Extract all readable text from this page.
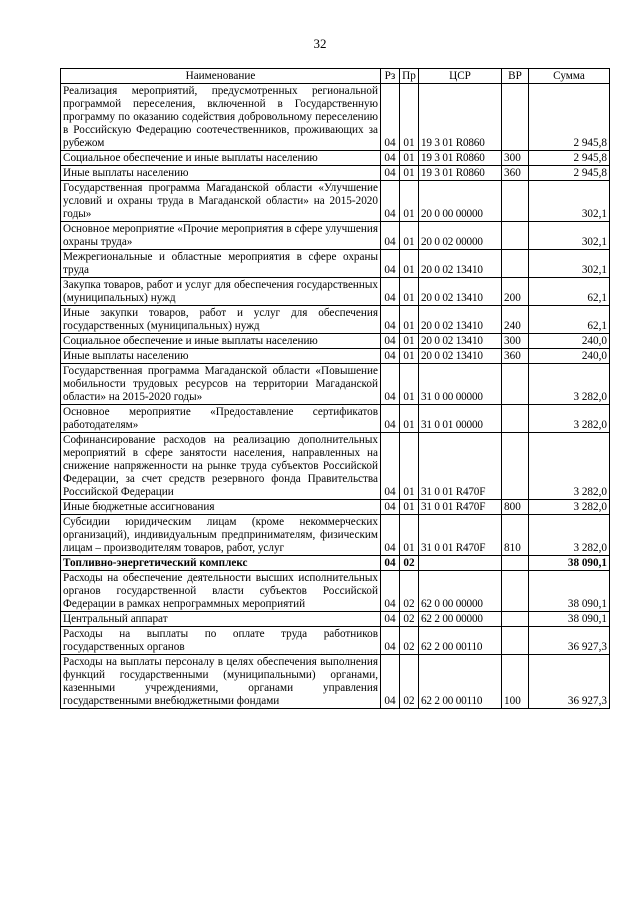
32
Наименование	Рз	Пр	ЦСР	ВР	Сумма
Реализация мероприятий, предусмотренных региональной программой переселения, включенной в Государственную программу по оказанию содействия добровольному переселению в Российскую Федерацию соотечественников, проживающих за рубежом	04	01	19 3 01 R0860		2 945,8
Социальное обеспечение и иные выплаты населению	04	01	19 3 01 R0860	300	2 945,8
Иные выплаты населению	04	01	19 3 01 R0860	360	2 945,8
Государственная программа Магаданской области «Улучшение условий и охраны труда в Магаданской области» на 2015-2020 годы»	04	01	20 0 00 00000		302,1
Основное мероприятие «Прочие мероприятия в сфере улучшения охраны труда»	04	01	20 0 02 00000		302,1
Межрегиональные и областные мероприятия в сфере охраны труда	04	01	20 0 02 13410		302,1
Закупка товаров, работ и услуг для обеспечения государственных (муниципальных) нужд	04	01	20 0 02 13410	200	62,1
Иные закупки товаров, работ и услуг для обеспечения государственных (муниципальных) нужд	04	01	20 0 02 13410	240	62,1
Социальное обеспечение и иные выплаты населению	04	01	20 0 02 13410	300	240,0
Иные выплаты населению	04	01	20 0 02 13410	360	240,0
Государственная программа Магаданской области «Повышение мобильности трудовых ресурсов на территории Магаданской области» на 2015-2020 годы»	04	01	31 0 00 00000		3 282,0
Основное мероприятие «Предоставление сертификатов работодателям»	04	01	31 0 01 00000		3 282,0
Софинансирование расходов на реализацию дополнительных мероприятий в сфере занятости населения, направленных на снижение напряженности на рынке труда субъектов Российской Федерации, за счет средств резервного фонда Правительства Российской Федерации	04	01	31 0 01 R470F		3 282,0
Иные бюджетные ассигнования	04	01	31 0 01 R470F	800	3 282,0
Субсидии юридическим лицам (кроме некоммерческих организаций), индивидуальным предпринимателям, физическим лицам – производителям товаров, работ, услуг	04	01	31 0 01 R470F	810	3 282,0
Топливно-энергетический комплекс	04	02			38 090,1
Расходы на обеспечение деятельности высших исполнительных органов государственной власти субъектов Российской Федерации в рамках непрограммных мероприятий	04	02	62 0 00 00000		38 090,1
Центральный аппарат	04	02	62 2 00 00000		38 090,1
Расходы на выплаты по оплате труда работников государственных органов	04	02	62 2 00 00110		36 927,3
Расходы на выплаты персоналу в целях обеспечения выполнения функций государственными (муниципальными) органами, казенными учреждениями, органами управления государственными внебюджетными фондами	04	02	62 2 00 00110	100	36 927,3
